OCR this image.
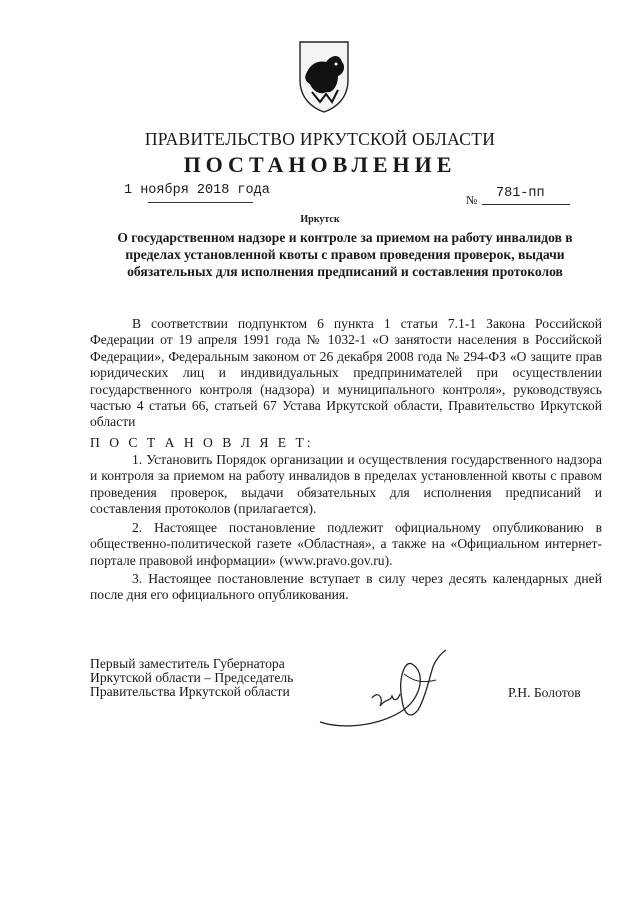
ПРАВИТЕЛЬСТВО ИРКУТСКОЙ ОБЛАСТИ
ПОСТАНОВЛЕНИЕ
1 ноября 2018 года
№ 781-пп
Иркутск
О государственном надзоре и контроле за приемом на работу инвалидов в пределах установленной квоты с правом проведения проверок, выдачи обязательных для исполнения предписаний и составления протоколов
В соответствии подпунктом 6 пункта 1 статьи 7.1-1 Закона Российской Федерации от 19 апреля 1991 года № 1032-1 «О занятости населения в Российской Федерации», Федеральным законом от 26 декабря 2008 года № 294-ФЗ «О защите прав юридических лиц и индивидуальных предпринимателей при осуществлении государственного контроля (надзора) и муниципального контроля», руководствуясь частью 4 статьи 66, статьей 67 Устава Иркутской области, Правительство Иркутской области
П О С Т А Н О В Л Я Е Т:
1. Установить Порядок организации и осуществления государственного надзора и контроля за приемом на работу инвалидов в пределах установленной квоты с правом проведения проверок, выдачи обязательных для исполнения предписаний и составления протоколов (прилагается).
2. Настоящее постановление подлежит официальному опубликованию в общественно-политической газете «Областная», а также на «Официальном интернет-портале правовой информации» (www.pravo.gov.ru).
3. Настоящее постановление вступает в силу через десять календарных дней после дня его официального опубликования.
Первый заместитель Губернатора
Иркутской области – Председатель
Правительства Иркутской области	Р.Н. Болотов
